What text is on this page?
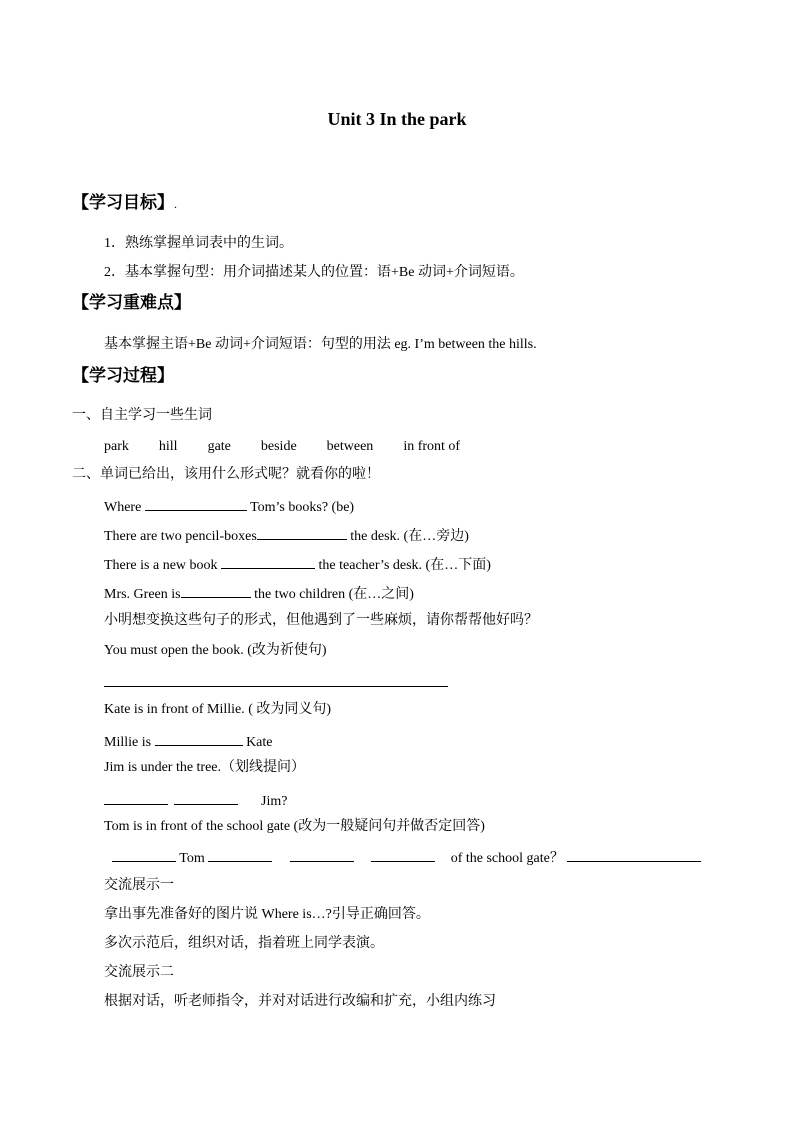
Unit 3 In the park
【学习目标】.
1．熟练掌握单词表中的生词。
2．基本掌握句型：用介词描述某人的位置：语+Be 动词+介词短语。
【学习重难点】
基本掌握主语+Be 动词+介词短语：句型的用法 eg. I’m between the hills.
【学习过程】
一、自主学习一些生词
park hill gate beside between in front of
二、单词已给出，该用什么形式呢？就看你的啦！
Where	Tom’s books? (be)
There are two pencil-boxes	the desk. (在…旁边)
There is a new book	the teacher’s desk. (在…下面)
Mrs. Green is	the two children (在…之间)
小明想变换这些句子的形式，但他遇到了一些麻烦，请你帮帮他好吗？
You must open the book. (改为祈使句)
Kate is in front of Millie. ( 改为同义句)
Millie is	Kate
Jim is under the tree.（划线提问）
Jim?
Tom is in front of the school gate (改为一般疑问句并做否定回答)
Tom	of the school gate？
交流展示一
拿出事先准备好的图片说 Where is…?引导正确回答。
多次示范后，组织对话，指着班上同学表演。
交流展示二
根据对话，听老师指令，并对对话进行改编和扩充，小组内练习
